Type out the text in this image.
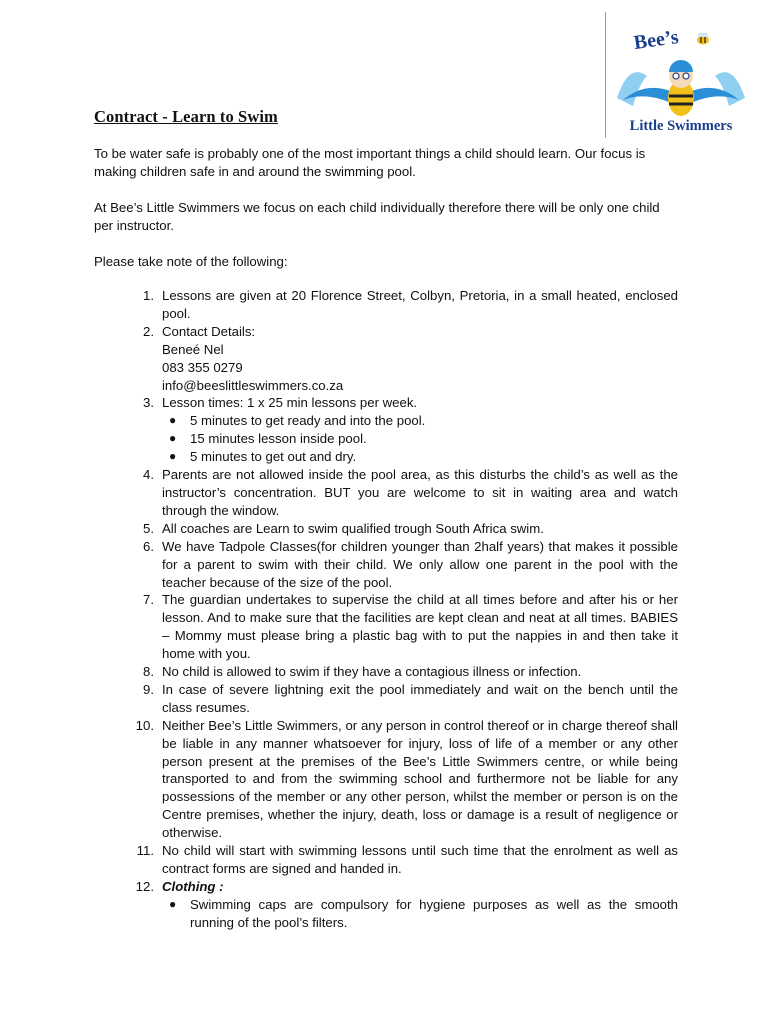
Bee’s
Little Swimmers
Contract - Learn to Swim

To be water safe is probably one of the most important things a child should learn. Our focus is making children safe in and around the swimming pool.

At Bee’s Little Swimmers we focus on each child individually therefore there will be only one child per instructor.

Please take note of the following:

1. Lessons are given at 20 Florence Street, Colbyn, Pretoria, in a small heated, enclosed pool.
2. Contact Details:
Beneé Nel
083 355 0279
info@beeslittleswimmers.co.za
3. Lesson times: 1 x 25 min lessons per week.
● 5 minutes to get ready and into the pool.
● 15 minutes lesson inside pool.
● 5 minutes to get out and dry.
4. Parents are not allowed inside the pool area, as this disturbs the child’s as well as the instructor’s concentration. BUT you are welcome to sit in waiting area and watch through the window.
5. All coaches are Learn to swim qualified trough South Africa swim.
6. We have Tadpole Classes(for children younger than 2half years) that makes it possible for a parent to swim with their child. We only allow one parent in the pool with the teacher because of the size of the pool.
7. The guardian undertakes to supervise the child at all times before and after his or her lesson. And to make sure that the facilities are kept clean and neat at all times. BABIES – Mommy must please bring a plastic bag with to put the nappies in and then take it home with you.
8. No child is allowed to swim if they have a contagious illness or infection.
9. In case of severe lightning exit the pool immediately and wait on the bench until the class resumes.
10. Neither Bee’s Little Swimmers, or any person in control thereof or in charge thereof shall be liable in any manner whatsoever for injury, loss of life of a member or any other person present at the premises of the Bee’s Little Swimmers centre, or while being transported to and from the swimming school and furthermore not be liable for any possessions of the member or any other person, whilst the member or person is on the Centre premises, whether the injury, death, loss or damage is a result of negligence or otherwise.
11. No child will start with swimming lessons until such time that the enrolment as well as contract forms are signed and handed in.
12. Clothing :
● Swimming caps are compulsory for hygiene purposes as well as the smooth running of the pool’s filters.
